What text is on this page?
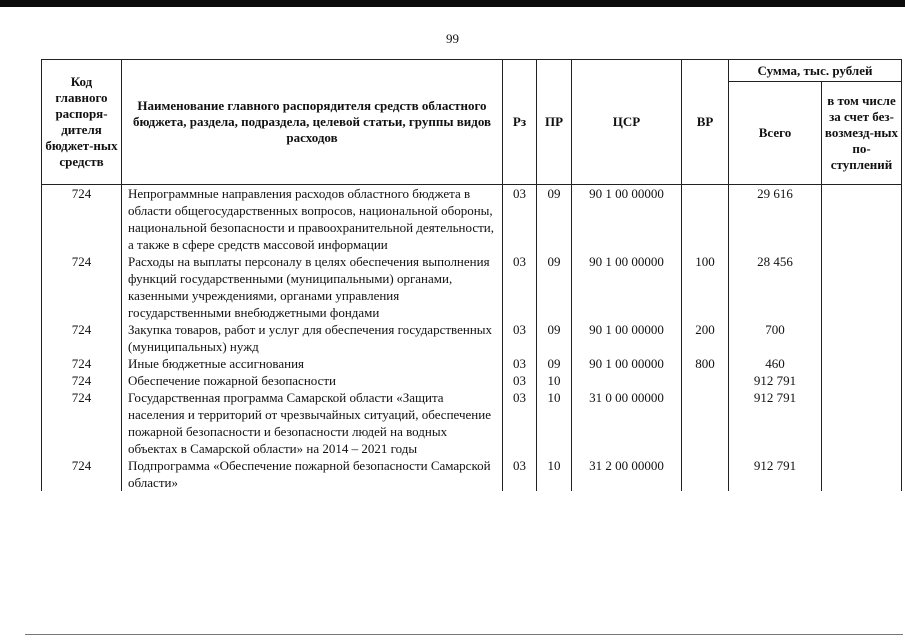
99
Код главного распоря-дителя бюджет-ных средств	Наименование главного распорядителя средств областного бюджета, раздела, подраздела, целевой статьи, группы видов расходов	Рз	ПР	ЦСР	ВР	Сумма, тыс. рублей	
						Всего	в том числе за счет без-возмезд-ных по-ступлений
724	Непрограммные направления расходов областного бюджета в области общегосударственных вопросов, национальной обороны, национальной безопасности и правоохранительной деятельности, а также в сфере средств массовой информации	03	09	90 1 00 00000		29 616	
724	Расходы на выплаты персоналу в целях обеспечения выполнения функций государственными (муниципальными) органами, казенными учреждениями, органами управления государственными внебюджетными фондами	03	09	90 1 00 00000	100	28 456	
724	Закупка товаров, работ и услуг для обеспечения государственных (муниципальных) нужд	03	09	90 1 00 00000	200	700	
724	Иные бюджетные ассигнования	03	09	90 1 00 00000	800	460	
724	Обеспечение пожарной безопасности	03	10			912 791	
724	Государственная программа Самарской области «Защита населения и территорий от чрезвычайных ситуаций, обеспечение пожарной безопасности и безопасности людей на водных объектах в Самарской области» на 2014 – 2021 годы	03	10	31 0 00 00000		912 791	
724	Подпрограмма «Обеспечение пожарной безопасности Самарской области»	03	10	31 2 00 00000		912 791	
